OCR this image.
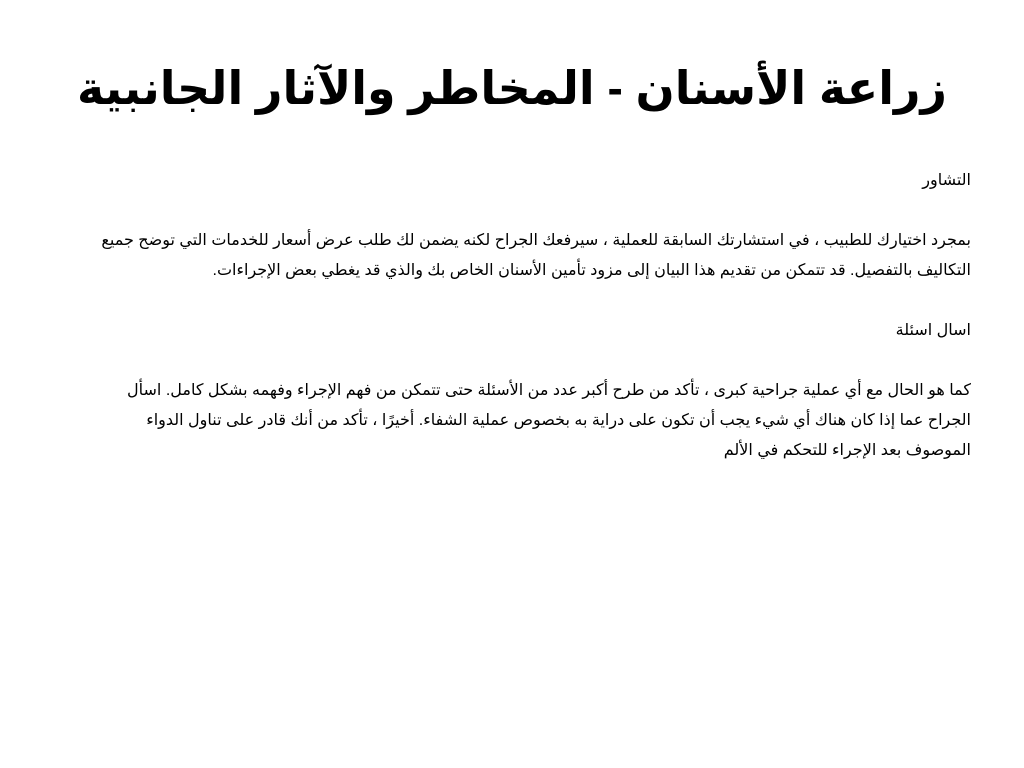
زراعة الأسنان - المخاطر والآثار الجانبية

التشاور

بمجرد اختيارك للطبيب ، في استشارتك السابقة للعملية ، سيرفعك الجراح لكنه يضمن لك طلب عرض أسعار للخدمات التي توضح جميع التكاليف بالتفصيل. قد تتمكن من تقديم هذا البيان إلى مزود تأمين الأسنان الخاص بك والذي قد يغطي بعض الإجراءات.

اسال اسئلة

كما هو الحال مع أي عملية جراحية كبرى ، تأكد من طرح أكبر عدد من الأسئلة حتى تتمكن من فهم الإجراء وفهمه بشكل كامل. اسأل الجراح عما إذا كان هناك أي شيء يجب أن تكون على دراية به بخصوص عملية الشفاء. أخيرًا ، تأكد من أنك قادر على تناول الدواء الموصوف بعد الإجراء للتحكم في الألم
